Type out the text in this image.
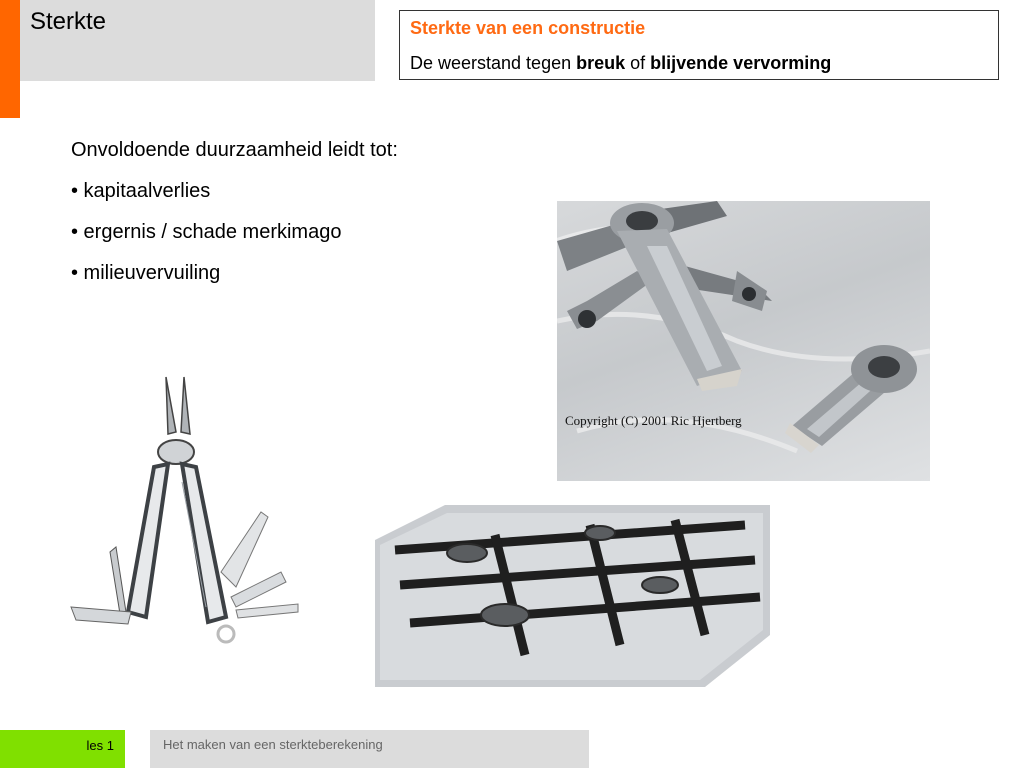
Sterkte	Sterkte van een constructie
De weerstand tegen breuk of blijvende vervorming
Onvoldoende duurzaamheid leidt tot:
• kapitaalverlies
• ergernis / schade merkimago
• milieuvervuiling
Copyright (C) 2001 Ric Hjertberg
les 1	Het maken van een sterkteberekening
